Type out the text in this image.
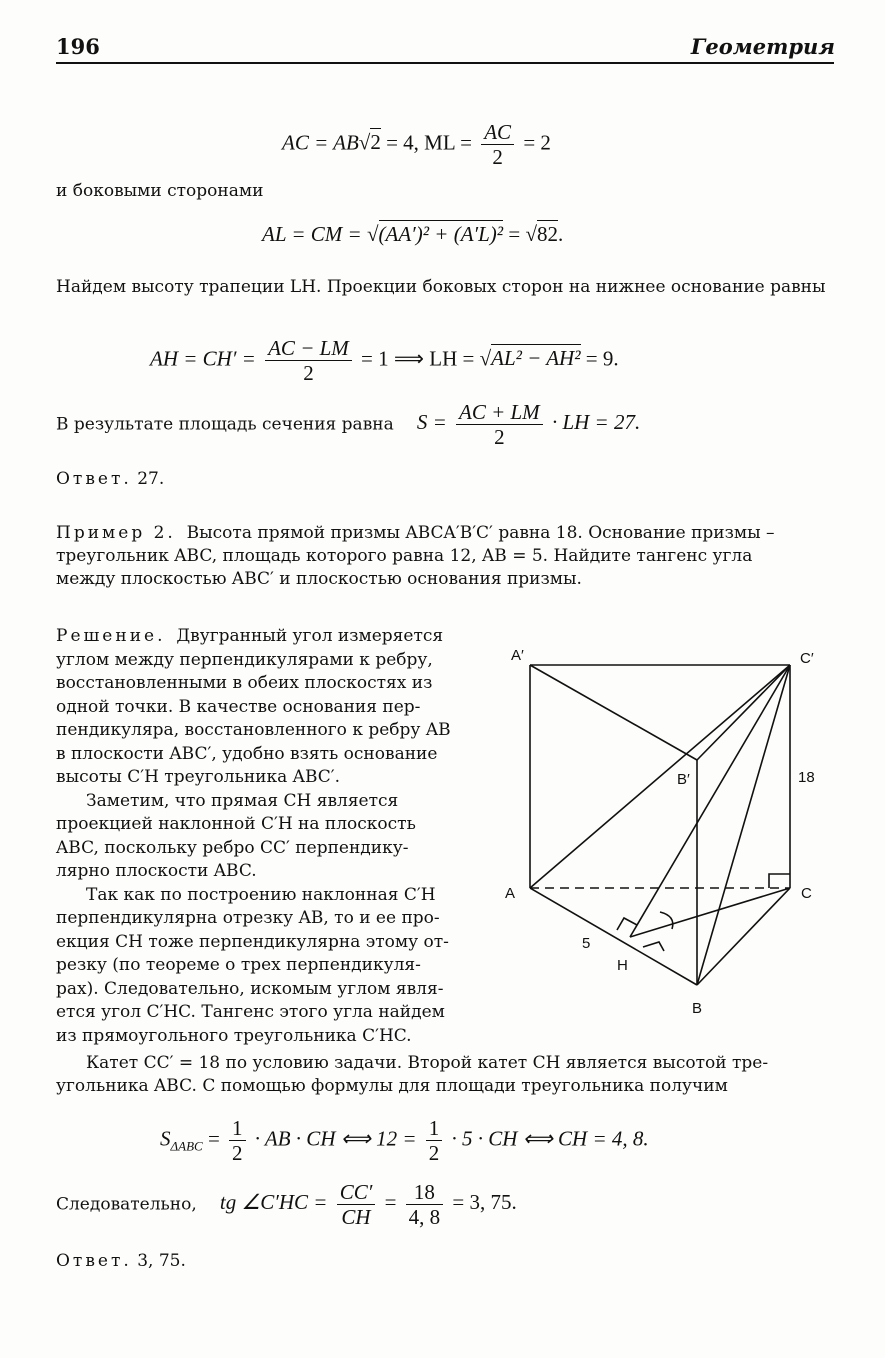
196	Геометрия
AC = AB√2 = 4, ML = $\frac{AC}{2} = 2$
и боковыми сторонами
AL = CM = √(AA′)² + (A′L)² = √82.
Найдем высоту трапеции LH. Проекции боковых сторон на нижнее основание равны
AH = $CH' = \frac{AC - LM}{2} = 1$ ⟹ LH = √AL² − AH² = 9.
В результате площадь сечения равна $S = \frac{AC + LM}{2}$ · LH = 27.
Ответ. 27.
Пример 2. Высота прямой призмы ABCA′B′C′ равна 18. Основание призмы –
треугольник ABC, площадь которого равна 12, AB = 5. Найдите тангенс угла
между плоскостью ABC′ и плоскостью основания призмы.
Решение. Двугранный угол измеряется
углом между перпендикулярами к ребру,
восстановленными в обеих плоскостях из
одной точки. В качестве основания пер-
пендикуляра, восстановленного к ребру AB
в плоскости ABC′, удобно взять основание
высоты C′H треугольника ABC′.
Заметим, что прямая CH является
проекцией наклонной C′H на плоскость
ABC, поскольку ребро CC′ перпендику-
лярно плоскости ABC.
Так как по построению наклонная C′H
перпендикулярна отрезку AB, то и ее про-
екция CH тоже перпендикулярна этому от-
резку (по теореме о трех перпендикуля-
рах). Следовательно, искомым углом явля-
ется угол C′HC. Тангенс этого угла найдем
из прямоугольного треугольника C′HC.
A′	C′
B′
A	C
B
H
5
18
Катет CC′ = 18 по условию задачи. Второй катет CH является высотой тре-
угольника ABC. С помощью формулы для площади треугольника получим
$S_{\Delta ABC} = \frac{1}{2}$ · AB · CH ⟺ $12 = \frac{1}{2} \cdot 5$ · CH ⟺ CH = 4, 8.
Следовательно, tg ∠C′HC = $\frac{CC'}{CH} = \frac{18}{4, 8} = 3$, 75.
Ответ. 3, 75.
